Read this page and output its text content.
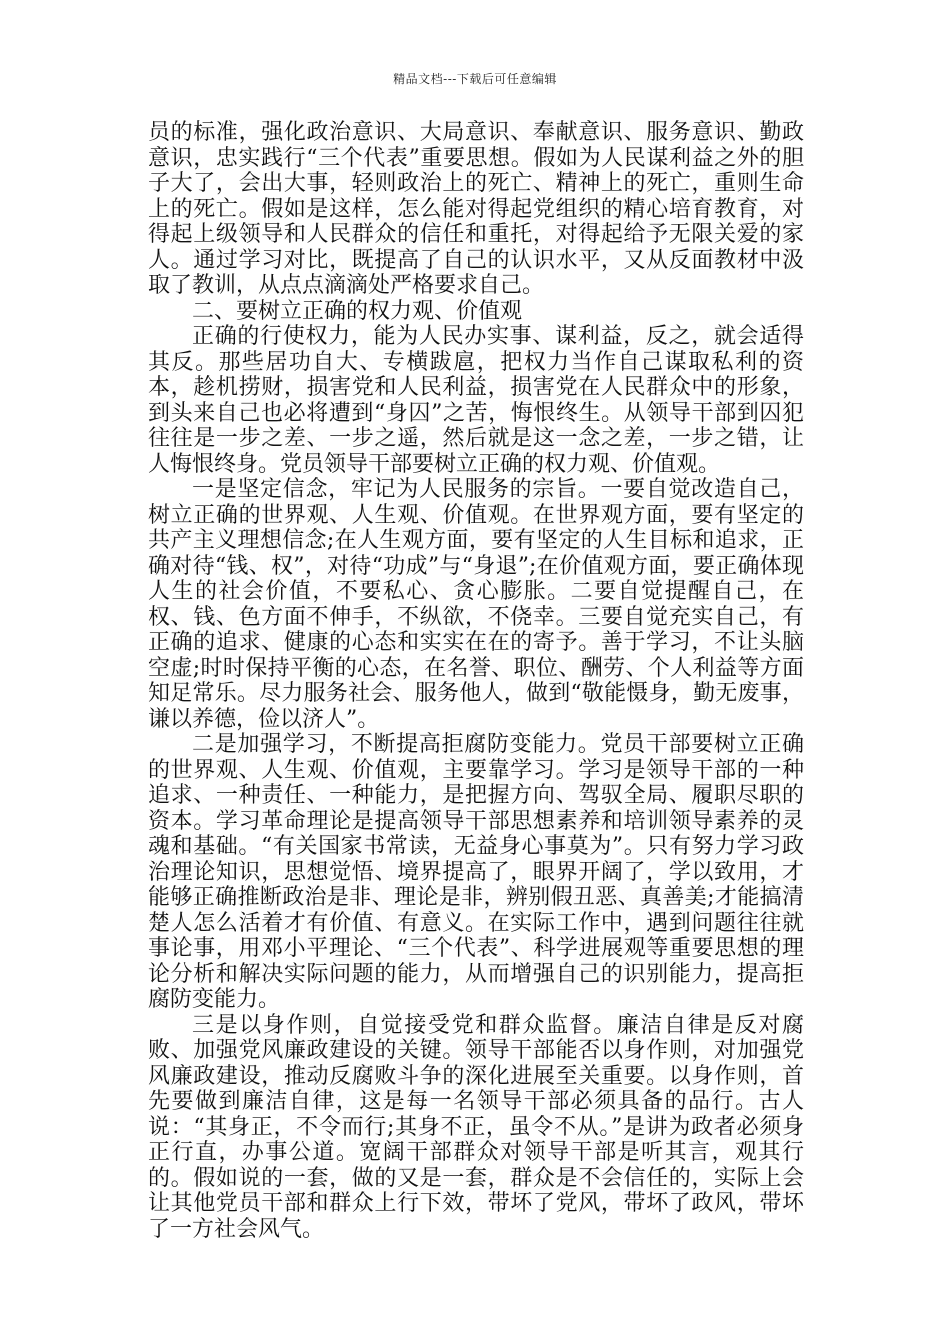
精品文档---下载后可任意编辑

员的标准，强化政治意识、大局意识、奉献意识、服务意识、勤政意识，忠实践行“三个代表”重要思想。假如为人民谋利益之外的胆子大了，会出大事，轻则政治上的死亡、精神上的死亡，重则生命上的死亡。假如是这样，怎么能对得起党组织的精心培育教育，对得起上级领导和人民群众的信任和重托，对得起给予无限关爱的家人。通过学习对比，既提高了自己的认识水平，又从反面教材中汲取了教训，从点点滴滴处严格要求自己。

二、要树立正确的权力观、价值观

正确的行使权力，能为人民办实事、谋利益，反之，就会适得其反。那些居功自大、专横跋扈，把权力当作自己谋取私利的资本，趁机捞财，损害党和人民利益，损害党在人民群众中的形象，到头来自己也必将遭到“身囚”之苦，悔恨终生。从领导干部到囚犯往往是一步之差、一步之遥，然后就是这一念之差，一步之错，让人悔恨终身。党员领导干部要树立正确的权力观、价值观。

一是坚定信念，牢记为人民服务的宗旨。一要自觉改造自己，树立正确的世界观、人生观、价值观。在世界观方面，要有坚定的共产主义理想信念;在人生观方面，要有坚定的人生目标和追求，正确对待“钱、权”，对待“功成”与“身退”;在价值观方面，要正确体现人生的社会价值，不要私心、贪心膨胀。二要自觉提醒自己，在权、钱、色方面不伸手，不纵欲，不侥幸。三要自觉充实自己，有正确的追求、健康的心态和实实在在的寄予。善于学习，不让头脑空虚;时时保持平衡的心态，在名誉、职位、酬劳、个人利益等方面知足常乐。尽力服务社会、服务他人，做到“敬能慑身，勤无废事，谦以养德，俭以济人”。

二是加强学习，不断提高拒腐防变能力。党员干部要树立正确的世界观、人生观、价值观，主要靠学习。学习是领导干部的一种追求、一种责任、一种能力，是把握方向、驾驭全局、履职尽职的资本。学习革命理论是提高领导干部思想素养和培训领导素养的灵魂和基础。“有关国家书常读，无益身心事莫为”。只有努力学习政治理论知识，思想觉悟、境界提高了，眼界开阔了，学以致用，才能够正确推断政治是非、理论是非，辨别假丑恶、真善美;才能搞清楚人怎么活着才有价值、有意义。在实际工作中，遇到问题往往就事论事，用邓小平理论、“三个代表”、科学进展观等重要思想的理论分析和解决实际问题的能力，从而增强自己的识别能力，提高拒腐防变能力。

三是以身作则，自觉接受党和群众监督。廉洁自律是反对腐败、加强党风廉政建设的关键。领导干部能否以身作则，对加强党风廉政建设，推动反腐败斗争的深化进展至关重要。以身作则，首先要做到廉洁自律，这是每一名领导干部必须具备的品行。古人说：“其身正，不令而行;其身不正，虽令不从。”是讲为政者必须身正行直，办事公道。宽阔干部群众对领导干部是听其言，观其行的。假如说的一套，做的又是一套，群众是不会信任的，实际上会让其他党员干部和群众上行下效，带坏了党风，带坏了政风，带坏了一方社会风气。
